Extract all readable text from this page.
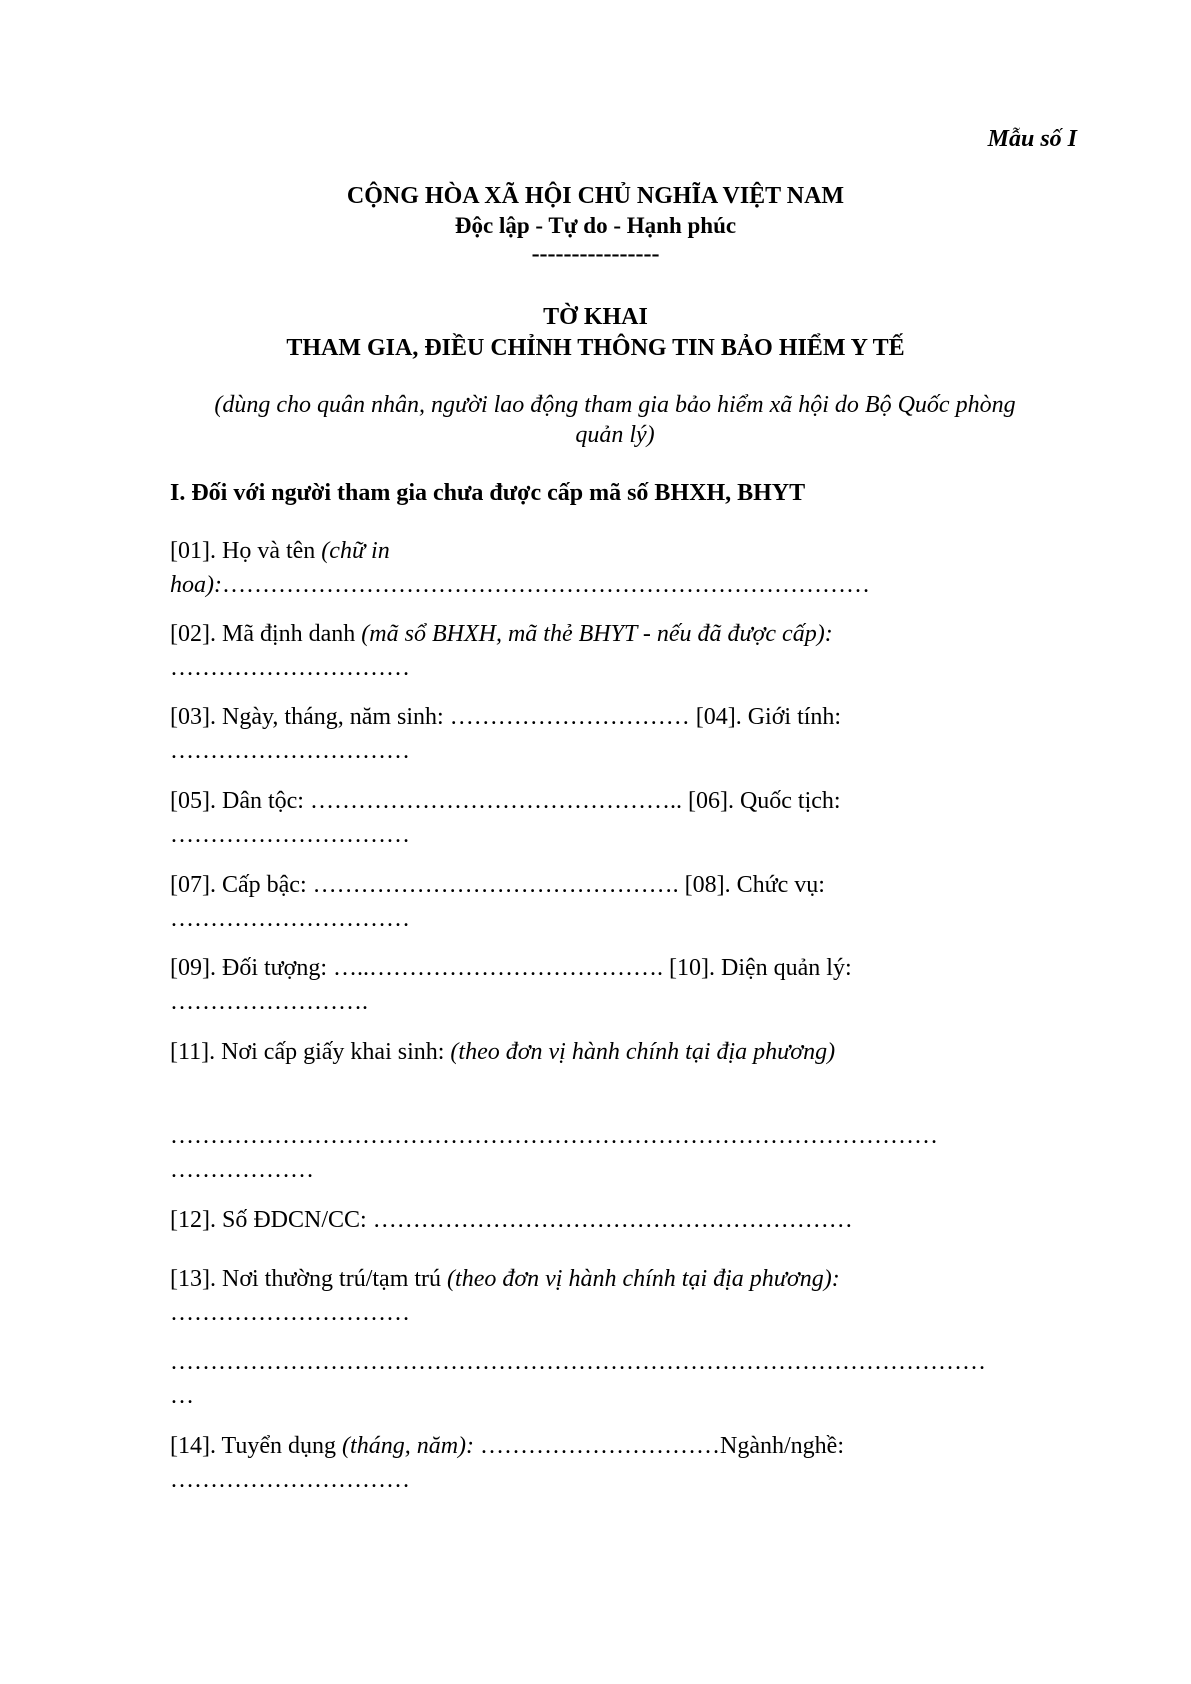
Mẫu số I
CỘNG HÒA XÃ HỘI CHỦ NGHĨA VIỆT NAM
Độc lập - Tự do - Hạnh phúc
----------------
TỜ KHAI
THAM GIA, ĐIỀU CHỈNH THÔNG TIN BẢO HIỂM Y TẾ
(dùng cho quân nhân, người lao động tham gia bảo hiểm xã hội do Bộ Quốc phòng
quản lý)
I. Đối với người tham gia chưa được cấp mã số BHXH, BHYT
[01]. Họ và tên (chữ in
hoa):………………………………………………………………………
[02]. Mã định danh (mã sổ BHXH, mã thẻ BHYT - nếu đã được cấp):
…………………………
[03]. Ngày, tháng, năm sinh: ………………………… [04]. Giới tính:
…………………………
[05]. Dân tộc: ……………………………………….. [06]. Quốc tịch:
…………………………
[07]. Cấp bậc: ………………………………………. [08]. Chức vụ:
…………………………
[09]. Đối tượng: …..………………………………. [10]. Diện quản lý:
…………………….
[11]. Nơi cấp giấy khai sinh: (theo đơn vị hành chính tại địa phương)
……………………………………………………………………………………
………………
[12]. Số ĐDCN/CC: ……………………………………………………
[13]. Nơi thường trú/tạm trú (theo đơn vị hành chính tại địa phương):
…………………………
…………………………………………………………………………………………
…
[14]. Tuyển dụng (tháng, năm): …………………………Ngành/nghề:
…………………………
